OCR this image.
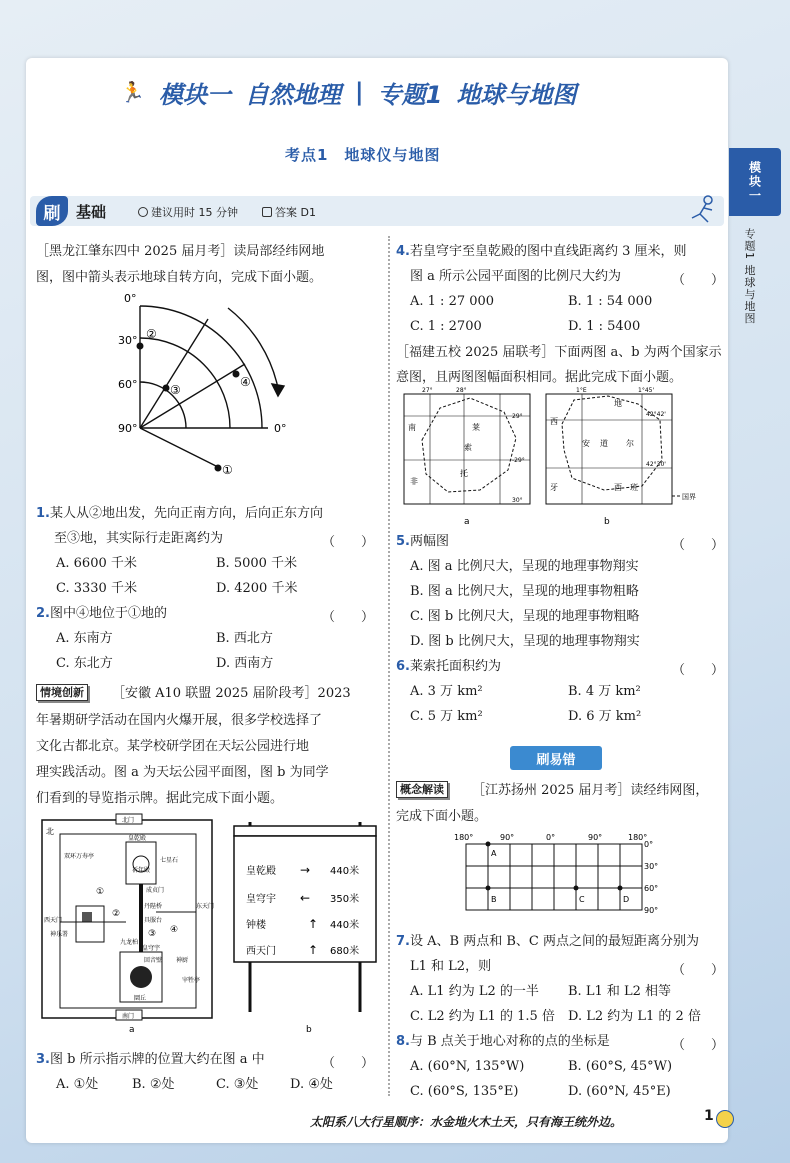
🏃 模块一 自然地理 | 专题1 地球与地图
考点1　地球仪与地图
刷	基础	建议用时 15 分钟	答案 D1
模块一
专题1 地球与地图
［黑龙江肇东四中 2025 届月考］读局部经纬网地
图，图中箭头表示地球自转方向，完成下面小题。
0°
30°
60°
90°	0°
②
③
④
①
1.某人从②地出发，先向正南方向，后向正东方向
至③地，其实际行走距离约为	（　　）
A. 6600 千米	B. 5000 千米
C. 3330 千米	D. 4200 千米
2.图中④地位于①地的	（　　）
A. 东南方	B. 西北方
C. 东北方	D. 西南方
情境创新	［安徽 A10 联盟 2025 届阶段考］2023
年暑期研学活动在国内火爆开展，很多学校选择了
文化古都北京。某学校研学团在天坛公园进行地
理实践活动。图 a 为天坛公园平面图，图 b 为同学
们看到的导览指示牌。据此完成下面小题。
北
北门
双环万寿亭
皇乾殿
祈年殿
七星石
丹陛桥
具服台
神乐署
九龙柏
回音壁
圜丘
皇穹宇
西天门
东天门
神厨
宰牲亭
南门
成贞门
①
②
③ ④
a
皇乾殿 → 440米
皇穹宇 ← 350米
钟楼	↑ 440米
西天门	↑ 680米
b
3.图 b 所示指示牌的位置大约在图 a 中	（　　）
A. ①处	B. ②处	C. ③处 D. ④处
4.若皇穹宇至皇乾殿的图中直线距离约 3 厘米，则
图 a 所示公园平面图的比例尺大约为	（　　）
A. 1 : 27 000	B. 1 : 54 000
C. 1 : 2700	D. 1 : 5400
［福建五校 2025 届联考］下面两图 a、b 为两个国家示
意图，且两图图幅面积相同。据此完成下面小题。
27°	28°
29°
-29°
30°
南	莱
索
托
非
a
1°E	1°45'
42°42'
42°30'
西
地
安 道 尔
西 班
牙
国界
b
5.两幅图	（　　）
A. 图 a 比例尺大，呈现的地理事物翔实
B. 图 a 比例尺大，呈现的地理事物粗略
C. 图 b 比例尺大，呈现的地理事物粗略
D. 图 b 比例尺大，呈现的地理事物翔实
6.莱索托面积约为	（　　）
A. 3 万 km²	B. 4 万 km²
C. 5 万 km²	D. 6 万 km²
刷易错
概念解读	［江苏扬州 2025 届月考］读经纬网图，
完成下面小题。
180°	90°	0°	90°	180°
0°
30°
60°
90°
A
B	C	D
7.设 A、B 两点和 B、C 两点之间的最短距离分别为
L1 和 L2，则	（　　）
A. L1 约为 L2 的一半 B. L1 和 L2 相等
C. L2 约为 L1 的 1.5 倍 D. L2 约为 L1 的 2 倍
8.与 B 点关于地心对称的点的坐标是	（　　）
A. (60°N, 135°W)	B. (60°S, 45°W)
C. (60°S, 135°E)	D. (60°N, 45°E)
太阳系八大行星顺序：水金地火木土天，只有海王统外边。	1
